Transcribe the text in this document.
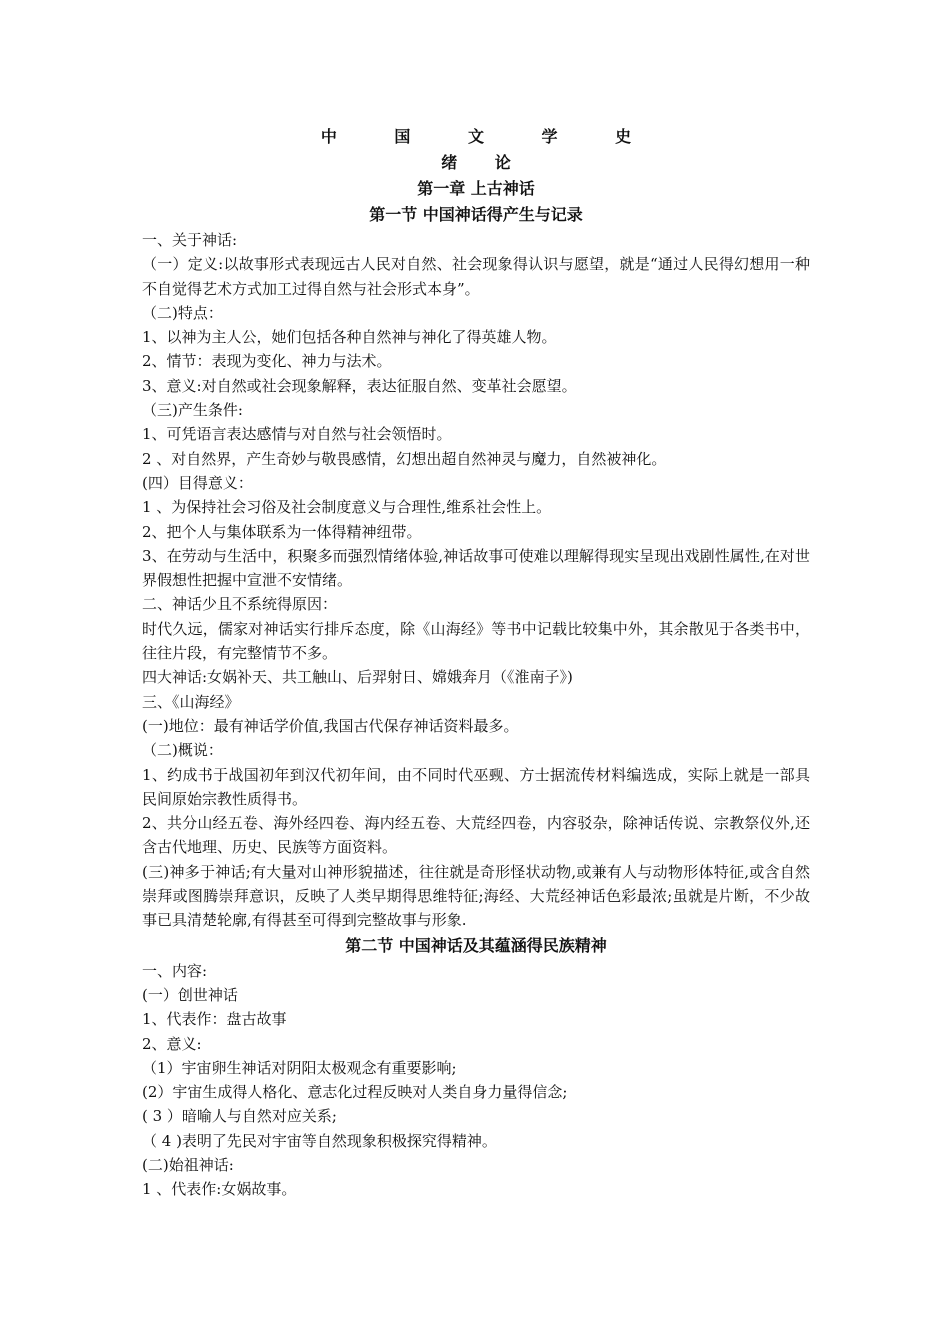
中 国 文 学 史
绪 论
第一章 上古神话
第一节 中国神话得产生与记录
一、关于神话:
（一）定义:以故事形式表现远古人民对自然、社会现象得认识与愿望，就是“通过人民得幻想用一种不自觉得艺术方式加工过得自然与社会形式本身”。
（二)特点：
1、以神为主人公，她们包括各种自然神与神化了得英雄人物。
2、情节：表现为变化、神力与法术。
3、意义:对自然或社会现象解释，表达征服自然、变革社会愿望。
（三)产生条件:
1、可凭语言表达感情与对自然与社会领悟时。
2 、对自然界，产生奇妙与敬畏感情，幻想出超自然神灵与魔力，自然被神化。
(四）目得意义：
1 、为保持社会习俗及社会制度意义与合理性,维系社会性上。
2、把个人与集体联系为一体得精神纽带。
3、在劳动与生活中，积聚多而强烈情绪体验,神话故事可使难以理解得现实呈现出戏剧性属性,在对世界假想性把握中宣泄不安情绪。
二、神话少且不系统得原因：
时代久远，儒家对神话实行排斥态度，除《山海经》等书中记载比较集中外，其余散见于各类书中，往往片段，有完整情节不多。
四大神话:女娲补天、共工触山、后羿射日、嫦娥奔月（《淮南子》)
三、《山海经》
(一)地位：最有神话学价值,我国古代保存神话资料最多。
（二)概说：
1、约成书于战国初年到汉代初年间，由不同时代巫觋、方士据流传材料编选成，实际上就是一部具民间原始宗教性质得书。
2、共分山经五卷、海外经四卷、海内经五卷、大荒经四卷，内容驳杂，除神话传说、宗教祭仪外,还含古代地理、历史、民族等方面资料。
(三)神多于神话;有大量对山神形貌描述，往往就是奇形怪状动物,或兼有人与动物形体特征,或含自然崇拜或图腾崇拜意识，反映了人类早期得思维特征;海经、大荒经神话色彩最浓;虽就是片断，不少故事已具清楚轮廓,有得甚至可得到完整故事与形象.
第二节 中国神话及其蕴涵得民族精神
一、内容:
(一）创世神话
1、代表作：盘古故事
2、意义:
（1）宇宙卵生神话对阴阳太极观念有重要影响;
(2）宇宙生成得人格化、意志化过程反映对人类自身力量得信念;
( 3 ）暗喻人与自然对应关系;
（ 4 )表明了先民对宇宙等自然现象积极探究得精神。
(二)始祖神话:
1 、代表作:女娲故事。
